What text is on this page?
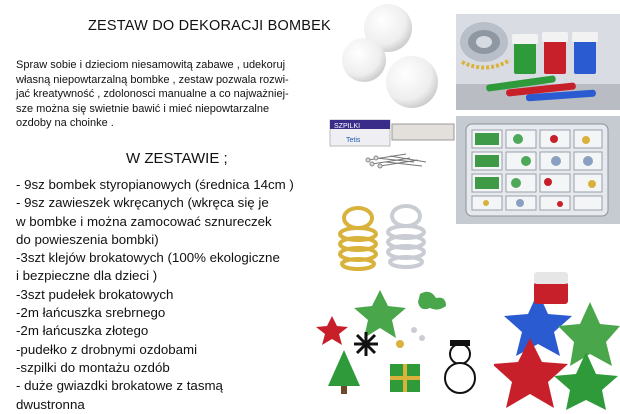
ZESTAW DO DEKORACJI BOMBEK
Spraw sobie i dzieciom niesamowitą zabawe , udekoruj
własną niepowtarzalną bombke , zestaw pozwala rozwi-
jać kreatywność , zdolonosci manualne a co najważniej-
sze można się swietnie bawić i mieć niepowtarzalne
ozdoby na choinke .
W ZESTAWIE ;
- 9sz bombek styropianowych (średnica 14cm )
- 9sz zawieszek wkręcanych (wkręca się je
w bombke i można zamocować sznureczek
do powieszenia bombki)
-3szt klejów brokatowych (100% ekologiczne
i bezpieczne dla dzieci )
-3szt pudełek brokatowych
-2m łańcuszka srebrnego
-2m łańcuszka złotego
-pudełko z drobnymi ozdobami
-szpilki do montażu ozdób
- duże gwiazdki brokatowe z tasmą
dwustronna
SZPILKI
Tetis
